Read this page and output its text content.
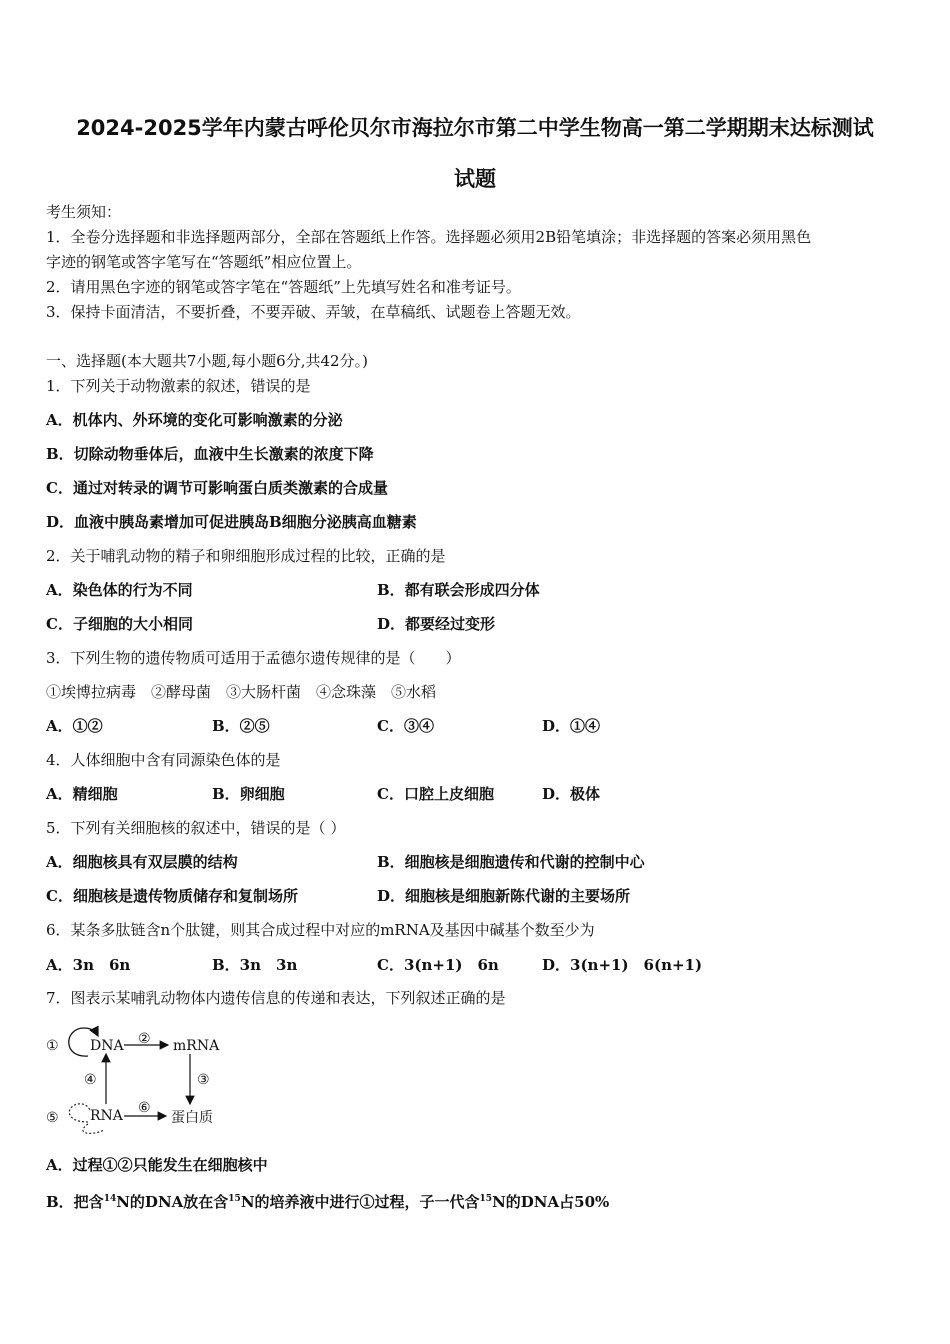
2024-2025学年内蒙古呼伦贝尔市海拉尔市第二中学生物高一第二学期期末达标测试
试题
考生须知：
1．全卷分选择题和非选择题两部分，全部在答题纸上作答。选择题必须用2B铅笔填涂；非选择题的答案必须用黑色
字迹的钢笔或答字笔写在“答题纸”相应位置上。
2．请用黑色字迹的钢笔或答字笔在“答题纸”上先填写姓名和准考证号。
3．保持卡面清洁，不要折叠，不要弄破、弄皱，在草稿纸、试题卷上答题无效。
一、选择题(本大题共7小题,每小题6分,共42分。)
1．下列关于动物激素的叙述，错误的是
A．机体内、外环境的变化可影响激素的分泌
B．切除动物垂体后，血液中生长激素的浓度下降
C．通过对转录的调节可影响蛋白质类激素的合成量
D．血液中胰岛素增加可促进胰岛B细胞分泌胰高血糖素
2．关于哺乳动物的精子和卵细胞形成过程的比较，正确的是
A．染色体的行为不同	B．都有联会形成四分体
C．子细胞的大小相同	D．都要经过变形
3．下列生物的遗传物质可适用于孟德尔遗传规律的是（　　）
①埃博拉病毒　②酵母菌　③大肠杆菌　④念珠藻　⑤水稻
A．①②	B．②⑤	C．③④	D．①④
4．人体细胞中含有同源染色体的是
A．精细胞	B．卵细胞	C．口腔上皮细胞	D．极体
5．下列有关细胞核的叙述中，错误的是（ ）
A．细胞核具有双层膜的结构	B．细胞核是细胞遗传和代谢的控制中心
C．细胞核是遗传物质储存和复制场所	D．细胞核是细胞新陈代谢的主要场所
6．某条多肽链含n个肽键，则其合成过程中对应的mRNA及基因中碱基个数至少为
A．3n　6n	B．3n　3n	C．3(n+1)　6n	D．3(n+1)　6(n+1)
7．图表示某哺乳动物体内遗传信息的传递和表达，下列叙述正确的是
① DNA ② mRNA
④	③
⑤ RNA ⑥
蛋白质
A．过程①②只能发生在细胞核中
B．把含$^{14}$N的DNA放在含$^{15}$N的培养液中进行①过程，子一代含$^{15}$N的DNA占50%
